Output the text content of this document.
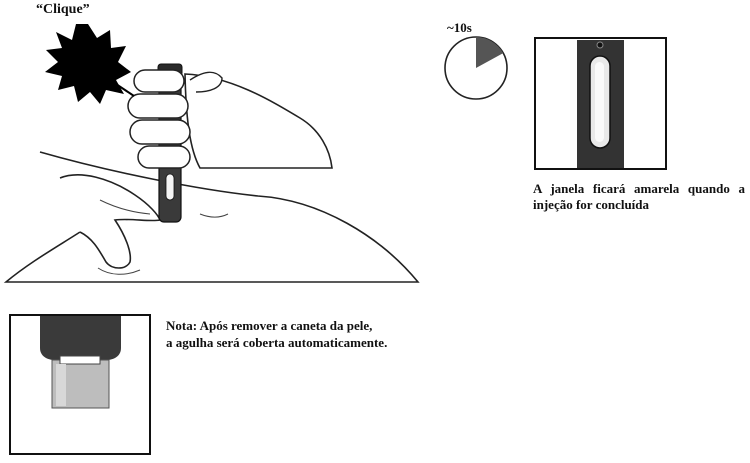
“Clique”
~10s
A janela ficará amarela quando a injeção for concluída
Nota: Após remover a caneta da pele,
a agulha será coberta automaticamente.
